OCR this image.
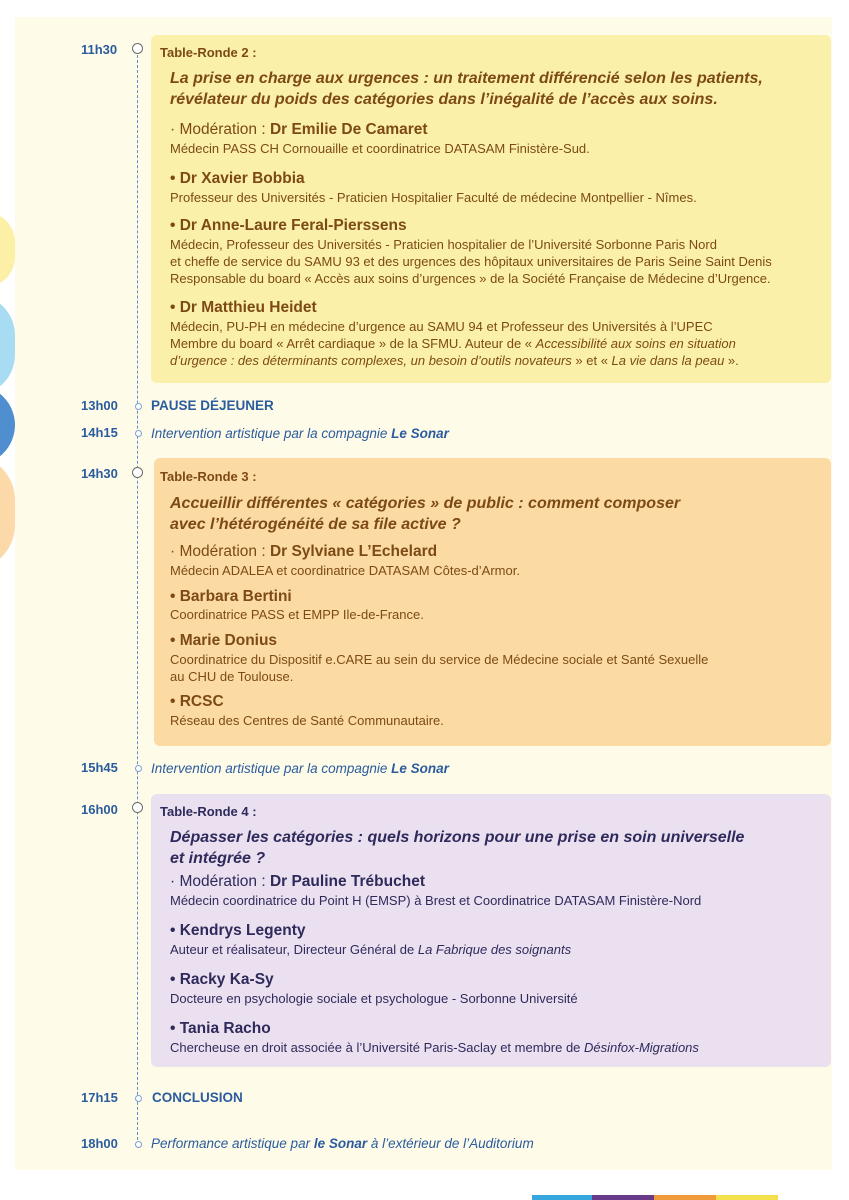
11h30	Table-Ronde 2 :
La prise en charge aux urgences : un traitement différencié selon les patients,
révélateur du poids des catégories dans l’inégalité de l’accès aux soins.
· Modération : Dr Emilie De Camaret
Médecin PASS CH Cornouaille et coordinatrice DATASAM Finistère-Sud.
• Dr Xavier Bobbia
Professeur des Universités - Praticien Hospitalier Faculté de médecine Montpellier - Nîmes.
• Dr Anne-Laure Feral-Pierssens
Médecin, Professeur des Universités - Praticien hospitalier de l’Université Sorbonne Paris Nord
et cheffe de service du SAMU 93 et des urgences des hôpitaux universitaires de Paris Seine Saint Denis
Responsable du board « Accès aux soins d’urgences » de la Société Française de Médecine d’Urgence.
• Dr Matthieu Heidet
Médecin, PU-PH en médecine d’urgence au SAMU 94 et Professeur des Universités à l’UPEC
Membre du board « Arrêt cardiaque » de la SFMU. Auteur de « Accessibilité aux soins en situation
d’urgence : des déterminants complexes, un besoin d’outils novateurs » et « La vie dans la peau ».
13h00 PAUSE DÉJEUNER
14h15 Intervention artistique par la compagnie Le Sonar
14h30	Table-Ronde 3 :
Accueillir différentes « catégories » de public : comment composer
avec l’hétérogénéité de sa file active ?
· Modération : Dr Sylviane L’Echelard
Médecin ADALEA et coordinatrice DATASAM Côtes-d’Armor.
• Barbara Bertini
Coordinatrice PASS et EMPP Ile-de-France.
• Marie Donius
Coordinatrice du Dispositif e.CARE au sein du service de Médecine sociale et Santé Sexuelle
au CHU de Toulouse.
• RCSC
Réseau des Centres de Santé Communautaire.
15h45 Intervention artistique par la compagnie Le Sonar
16h00	Table-Ronde 4 :
Dépasser les catégories : quels horizons pour une prise en soin universelle
et intégrée ?
· Modération : Dr Pauline Trébuchet
Médecin coordinatrice du Point H (EMSP) à Brest et Coordinatrice DATASAM Finistère-Nord
• Kendrys Legenty
Auteur et réalisateur, Directeur Général de La Fabrique des soignants
• Racky Ka-Sy
Docteure en psychologie sociale et psychologue - Sorbonne Université
• Tania Racho
Chercheuse en droit associée à l’Université Paris-Saclay et membre de Désinfox-Migrations
17h15	CONCLUSION
18h00 Performance artistique par le Sonar à l’extérieur de l’Auditorium
